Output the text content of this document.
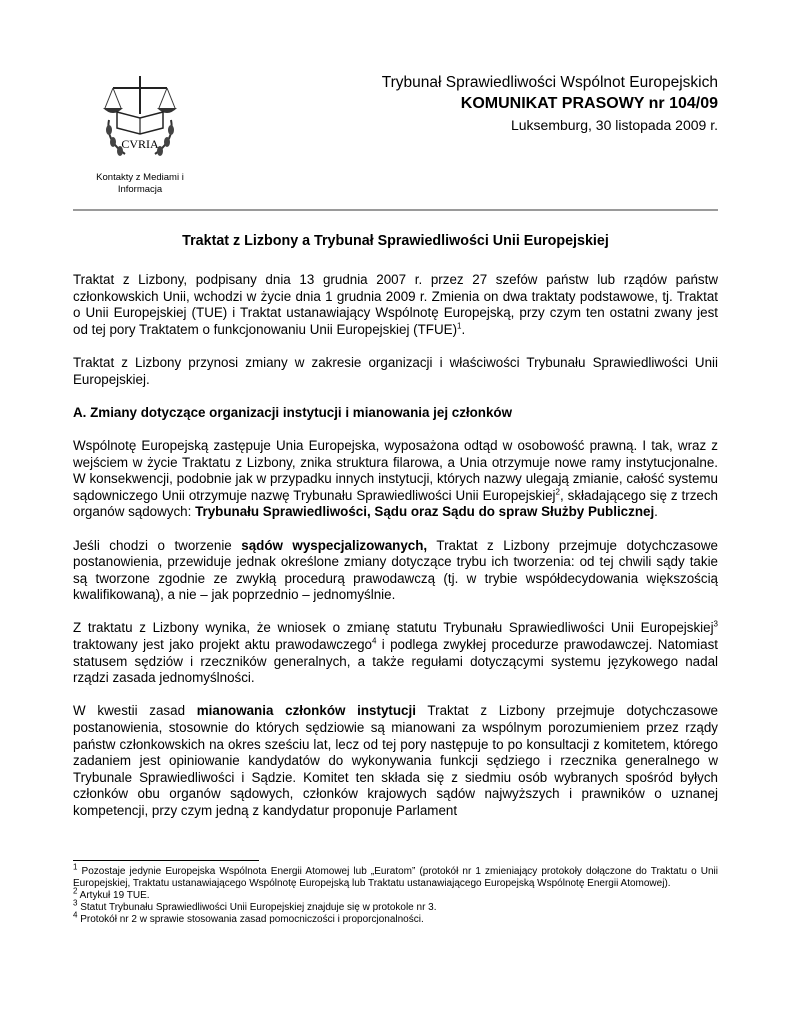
CVRIA
Kontakty z Mediami i Informacja
Trybunał Sprawiedliwości Wspólnot Europejskich
KOMUNIKAT PRASOWY nr 104/09
Luksemburg, 30 listopada 2009 r.
Traktat z Lizbony a Trybunał Sprawiedliwości Unii Europejskiej

Traktat z Lizbony, podpisany dnia 13 grudnia 2007 r. przez 27 szefów państw lub rządów państw członkowskich Unii, wchodzi w życie dnia 1 grudnia 2009 r. Zmienia on dwa traktaty podstawowe, tj. Traktat o Unii Europejskiej (TUE) i Traktat ustanawiający Wspólnotę Europejską, przy czym ten ostatni zwany jest od tej pory Traktatem o funkcjonowaniu Unii Europejskiej (TFUE)$^1$.

Traktat z Lizbony przynosi zmiany w zakresie organizacji i właściwości Trybunału Sprawiedliwości Unii Europejskiej.

A. Zmiany dotyczące organizacji instytucji i mianowania jej członków

Wspólnotę Europejską zastępuje Unia Europejska, wyposażona odtąd w osobowość prawną. I tak, wraz z wejściem w życie Traktatu z Lizbony, znika struktura filarowa, a Unia otrzymuje nowe ramy instytucjonalne. W konsekwencji, podobnie jak w przypadku innych instytucji, których nazwy ulegają zmianie, całość systemu sądowniczego Unii otrzymuje nazwę Trybunału Sprawiedliwości Unii Europejskiej$^2$, składającego się z trzech organów sądowych: Trybunału Sprawiedliwości, Sądu oraz Sądu do spraw Służby Publicznej.

Jeśli chodzi o tworzenie sądów wyspecjalizowanych, Traktat z Lizbony przejmuje dotychczasowe postanowienia, przewiduje jednak określone zmiany dotyczące trybu ich tworzenia: od tej chwili sądy takie są tworzone zgodnie ze zwykłą procedurą prawodawczą (tj. w trybie współdecydowania większością kwalifikowaną), a nie – jak poprzednio – jednomyślnie.

Z traktatu z Lizbony wynika, że wniosek o zmianę statutu Trybunału Sprawiedliwości Unii Europejskiej$^3$ traktowany jest jako projekt aktu prawodawczego$^4$ i podlega zwykłej procedurze prawodawczej. Natomiast statusem sędziów i rzeczników generalnych, a także regułami dotyczącymi systemu językowego nadal rządzi zasada jednomyślności.

W kwestii zasad mianowania członków instytucji Traktat z Lizbony przejmuje dotychczasowe postanowienia, stosownie do których sędziowie są mianowani za wspólnym porozumieniem przez rządy państw członkowskich na okres sześciu lat, lecz od tej pory następuje to po konsultacji z komitetem, którego zadaniem jest opiniowanie kandydatów do wykonywania funkcji sędziego i rzecznika generalnego w Trybunale Sprawiedliwości i Sądzie. Komitet ten składa się z siedmiu osób wybranych spośród byłych członków obu organów sądowych, członków krajowych sądów najwyższych i prawników o uznanej kompetencji, przy czym jedną z kandydatur proponuje Parlament

$^1$ Pozostaje jedynie Europejska Wspólnota Energii Atomowej lub „Euratom” (protokół nr 1 zmieniający protokoły dołączone do Traktatu o Unii Europejskiej, Traktatu ustanawiającego Wspólnotę Europejską lub Traktatu ustanawiającego Europejską Wspólnotę Energii Atomowej).
$^2$ Artykuł 19 TUE.
$^3$ Statut Trybunału Sprawiedliwości Unii Europejskiej znajduje się w protokole nr 3.
$^4$ Protokół nr 2 w sprawie stosowania zasad pomocniczości i proporcjonalności.
